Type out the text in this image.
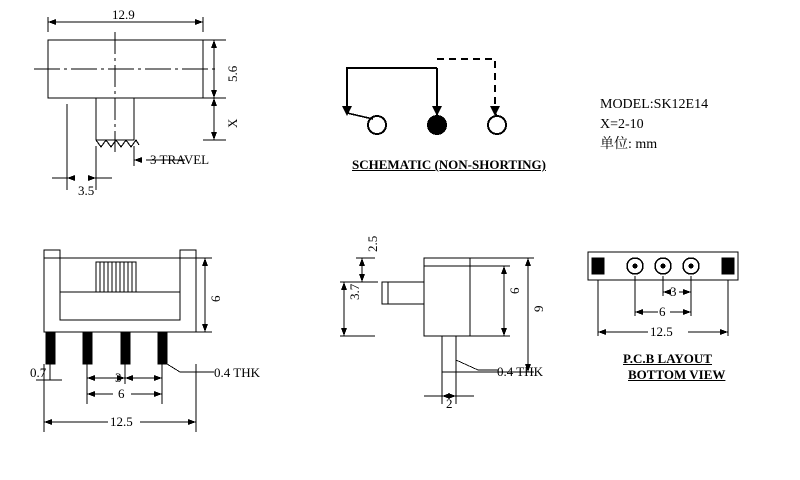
12.9
5.6
X
3 TRAVEL
3.5
SCHEMATIC (NON-SHORTING)
MODEL:SK12E14
X=2-10
单位: mm
6
0.7	3	0.4 THK
6
12.5
2.5
3.7	6
9
0.4 THK
2
3
6
12.5
P.C.B LAYOUT
BOTTOM VIEW
